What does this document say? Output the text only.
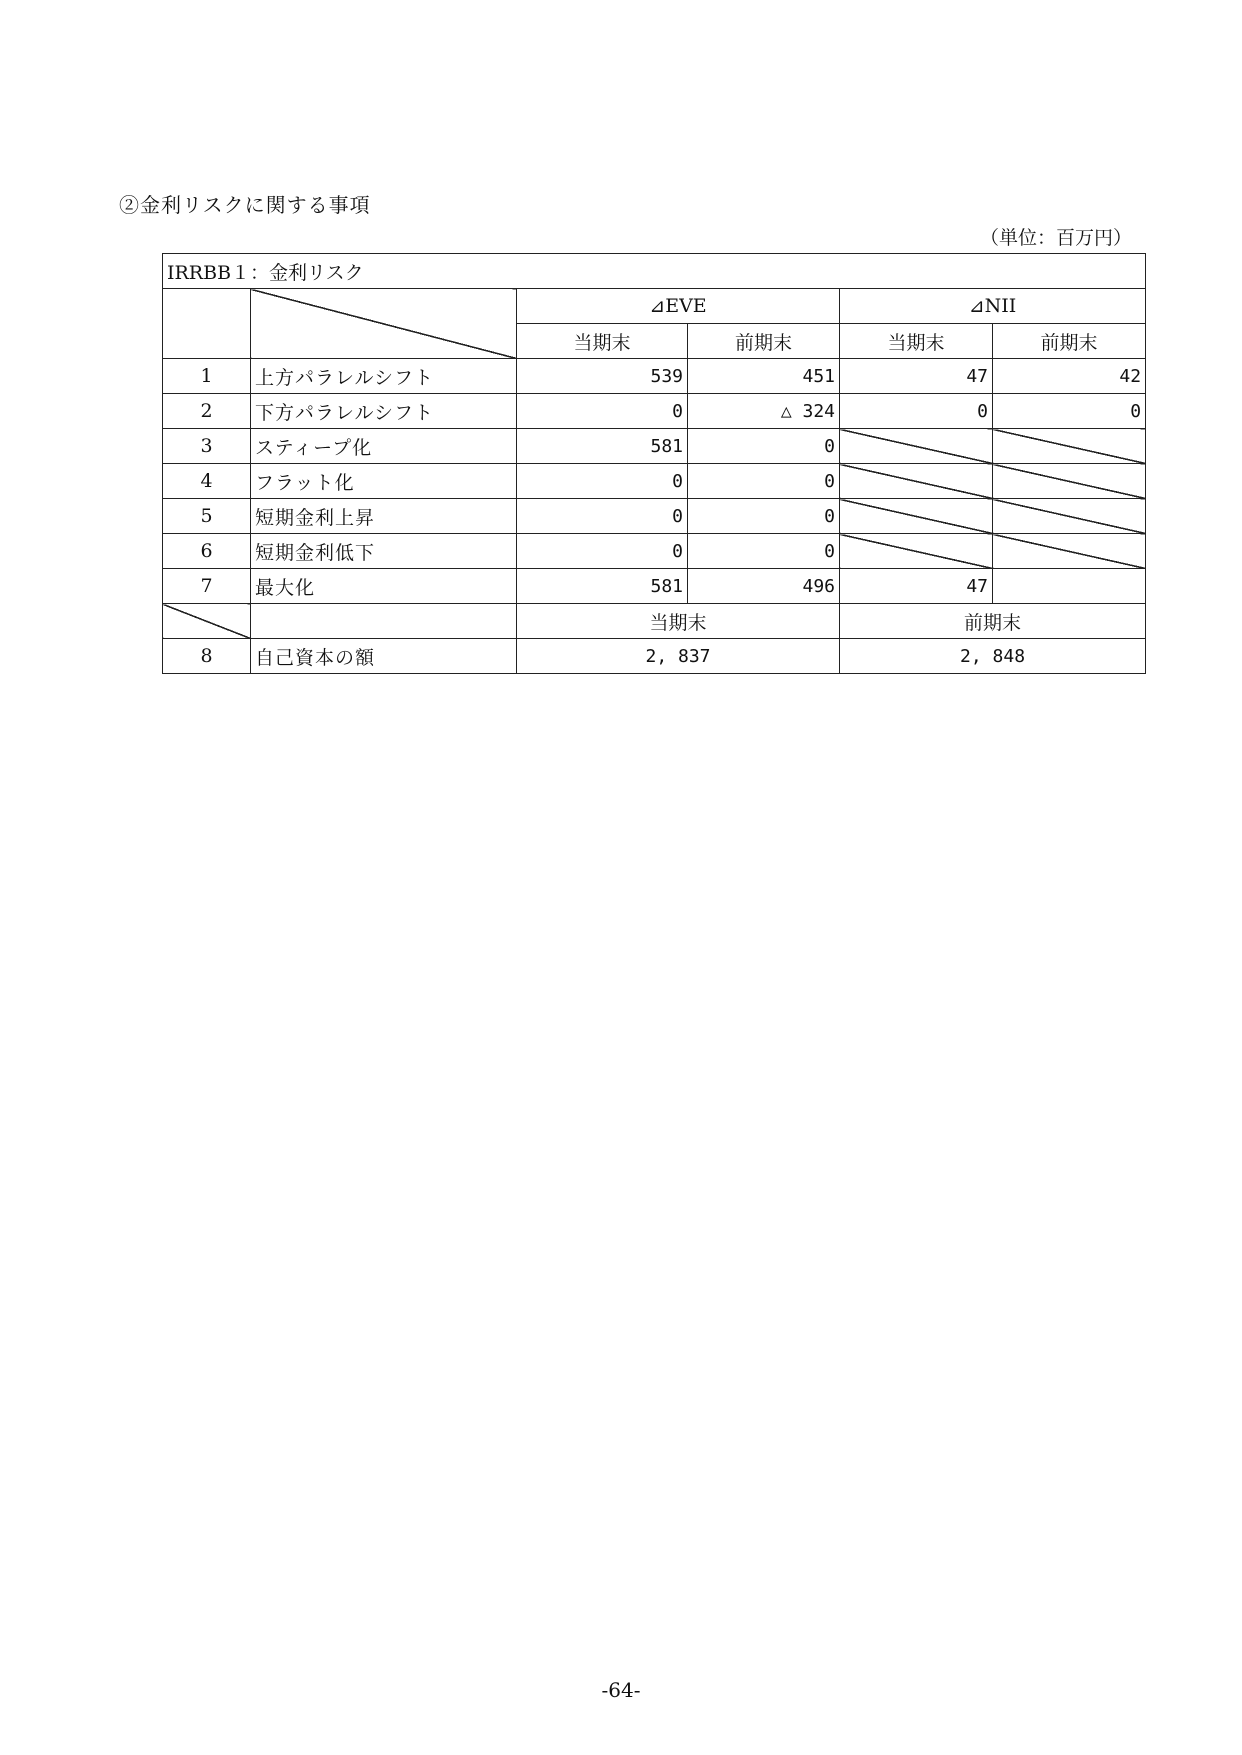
②金利リスクに関する事項
（単位：百万円）
IRRBB１：金利リスク					
		⊿EVE		⊿NII	
		当期末	前期末	当期末	前期末
1	上方パラレルシフト	539	451	47	42
2	下方パラレルシフト	0	△ 324	0	0
3	スティープ化	581	0		
4	フラット化	0	0		
5	短期金利上昇	0	0		
6	短期金利低下	0	0		
7	最大化	581	496	47	
		当期末		前期末	
8	自己資本の額	2, 837		2, 848	
-64-
